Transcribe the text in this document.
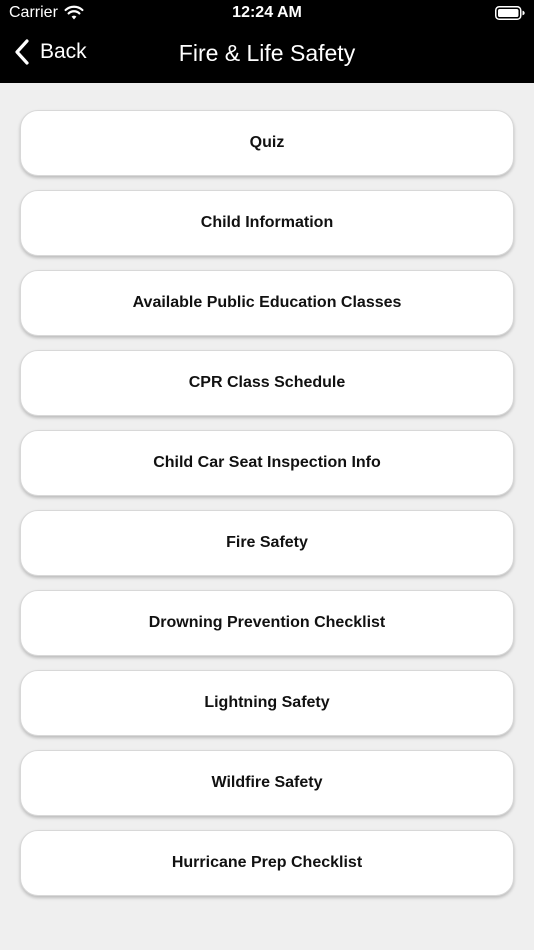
Carrier	12:24 AM
Back	Fire & Life Safety
Quiz
Child Information
Available Public Education Classes
CPR Class Schedule
Child Car Seat Inspection Info
Fire Safety
Drowning Prevention Checklist
Lightning Safety
Wildfire Safety
Hurricane Prep Checklist
